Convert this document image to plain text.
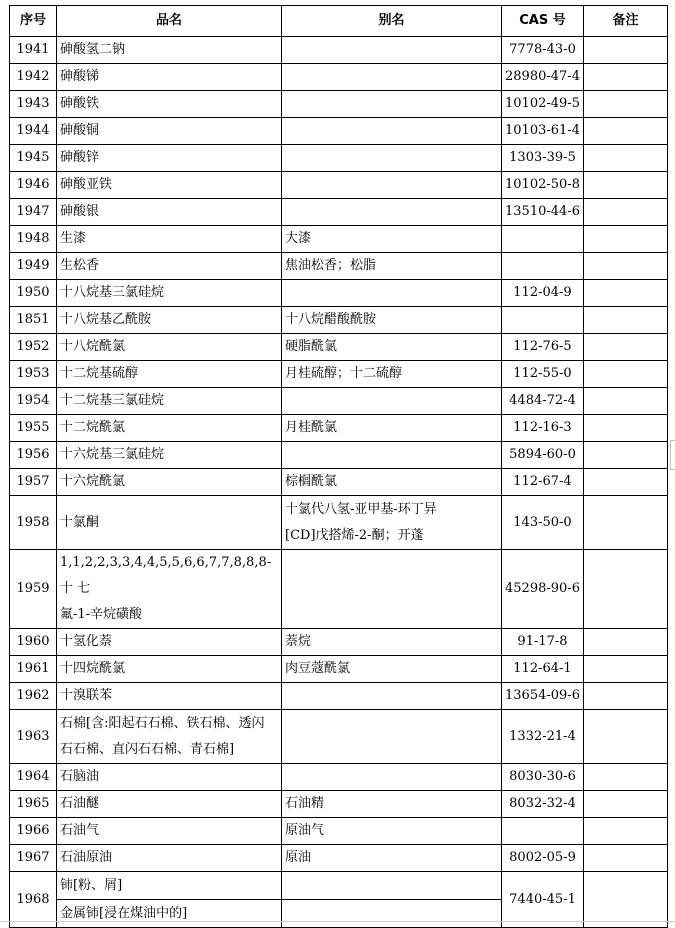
序号	品名	别名	CAS 号	备注
1941	砷酸氢二钠		7778-43-0	
1942	砷酸锑		28980-47-4	
1943	砷酸铁		10102-49-5	
1944	砷酸铜		10103-61-4	
1945	砷酸锌		1303-39-5	
1946	砷酸亚铁		10102-50-8	
1947	砷酸银		13510-44-6	
1948	生漆	大漆		
1949	生松香	焦油松香；松脂		
1950	十八烷基三氯硅烷		112-04-9	
1851	十八烷基乙酰胺	十八烷醋酸酰胺		
1952	十八烷酰氯	硬脂酰氯	112-76-5	
1953	十二烷基硫醇	月桂硫醇；十二硫醇	112-55-0	
1954	十二烷基三氯硅烷		4484-72-4	
1955	十二烷酰氯	月桂酰氯	112-16-3	
1956	十六烷基三氯硅烷		5894-60-0	
1957	十六烷酰氯	棕榈酰氯	112-67-4	
1958	十氯酮	十氯代八氢-亚甲基-环丁异
[CD]戊搭烯-2-酮；开蓬	143-50-0	
1959	1,1,2,2,3,3,4,4,5,5,6,6,7,7,8,8,8- 十 七
氟-1-辛烷磺酸		45298-90-6	
1960	十氢化萘	萘烷	91-17-8	
1961	十四烷酰氯	肉豆蔻酰氯	112-64-1	
1962	十溴联苯		13654-09-6	
1963	石棉[含:阳起石石棉、铁石棉、透闪
石石棉、直闪石石棉、青石棉]		1332-21-4	
1964	石脑油		8030-30-6	
1965	石油醚	石油精	8032-32-4	
1966	石油气	原油气		
1967	石油原油	原油	8002-05-9	
1968	铈[粉、屑]		7440-45-1	
	金属铈[浸在煤油中的]			
